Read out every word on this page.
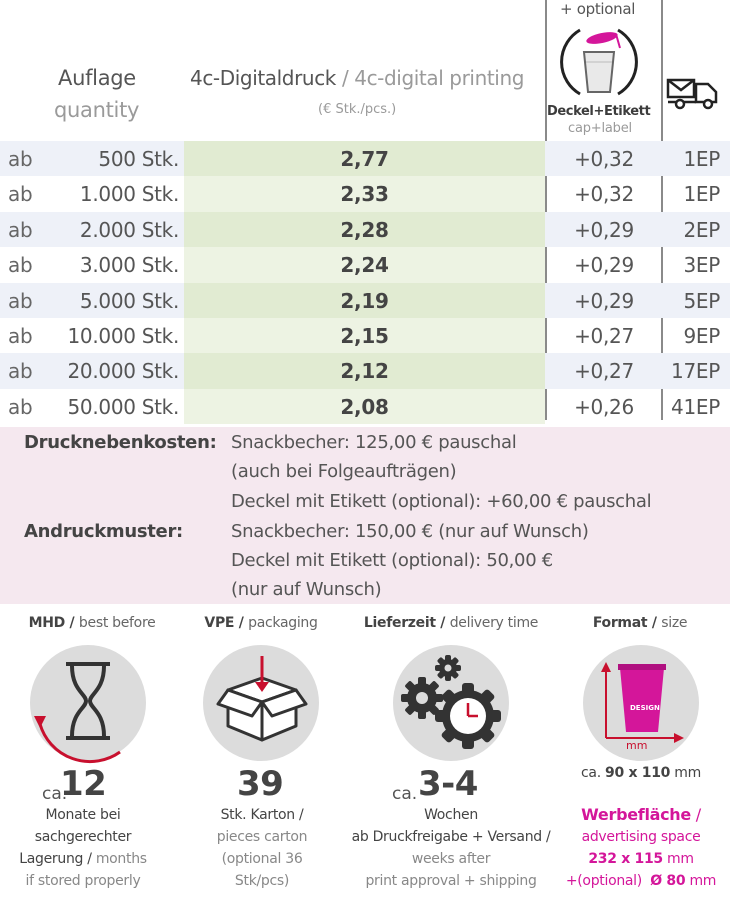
Auflage
quantity
4c-Digitaldruck / 4c-digital printing
(€ Stk./pcs.)
+ optional
Deckel+Etikett
cap+label
ab	500 Stk.	2,77	+0,32	1EP
ab 1.000 Stk.	2,33	+0,32	1EP
ab 2.000 Stk.	2,28	+0,29	2EP
ab 3.000 Stk.	2,24	+0,29	3EP
ab 5.000 Stk.	2,19	+0,29	5EP
ab 10.000 Stk.	2,15	+0,27	9EP
ab 20.000 Stk.	2,12	+0,27	17EP
ab 50.000 Stk.	2,08	+0,26	41EP
Drucknebenkosten: Snackbecher: 125,00 € pauschal
(auch bei Folgeaufträgen)
Deckel mit Etikett (optional): +60,00 € pauschal
Andruckmuster:	Snackbecher: 150,00 € (nur auf Wunsch)
Deckel mit Etikett (optional): 50,00 €
(nur auf Wunsch)
MHD / best before
ca.
12
Monate bei
sachgerechter
Lagerung / months
if stored properly
VPE / packaging
39
Stk. Karton /
pieces carton
(optional 36
Stk/pcs)
Lieferzeit / delivery time
ca. 3-4
Wochen
ab Druckfreigabe + Versand /
weeks after
print approval + shipping
Format / size
DESIGN
mm
ca. 90 x 110 mm
Werbefläche /
advertising space
232 x 115 mm
+(optional) Ø 80 mm
